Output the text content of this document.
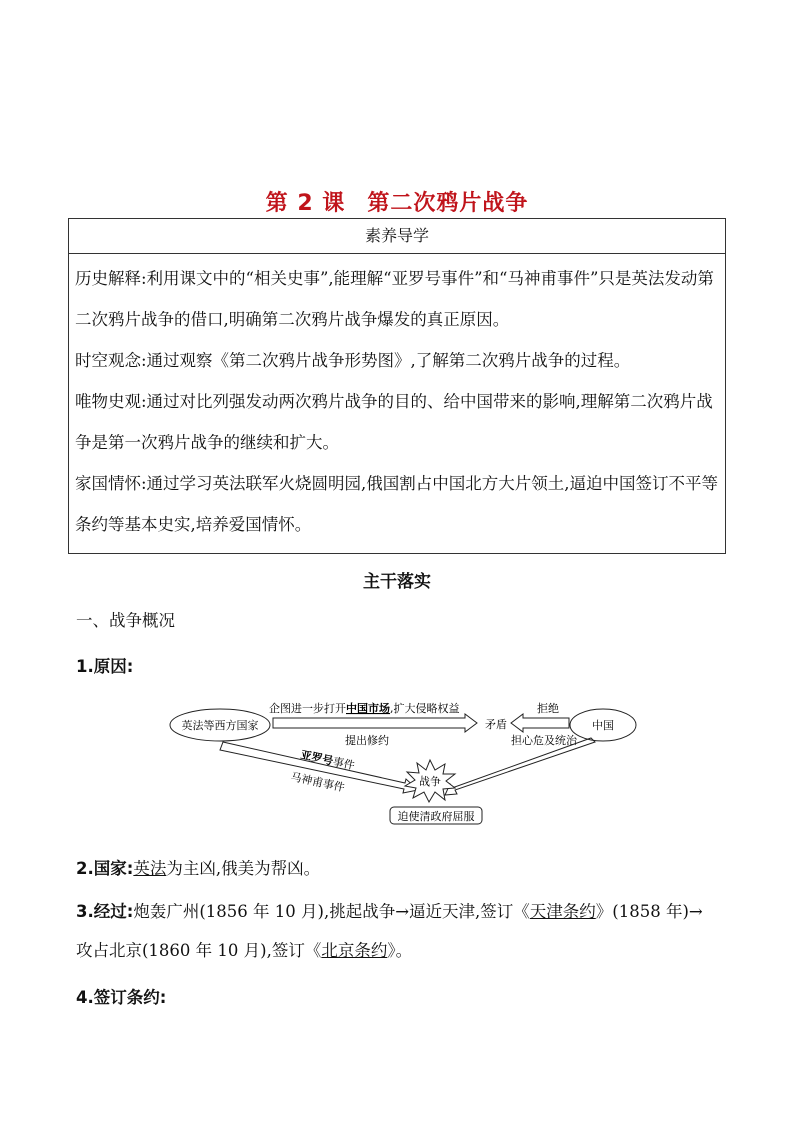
第 2 课 第二次鸦片战争
素养导学

历史解释:利用课文中的“相关史事”,能理解“亚罗号事件”和“马神甫事件”只是英法发动第二次鸦片战争的借口,明确第二次鸦片战争爆发的真正原因。

时空观念:通过观察《第二次鸦片战争形势图》,了解第二次鸦片战争的过程。

唯物史观:通过对比列强发动两次鸦片战争的目的、给中国带来的影响,理解第二次鸦片战争是第一次鸦片战争的继续和扩大。

家国情怀:通过学习英法联军火烧圆明园,俄国割占中国北方大片领土,逼迫中国签订不平等条约等基本史实,培养爱国情怀。

主干落实
一、战争概况
1.原因:
英法等西方国家	中国
企图进一步打开中国市场,扩大侵略权益
提出修约
矛盾
拒绝
担心危及统治
亚罗号事件
马神甫事件	战争
迫使清政府屈服
2.国家:英法为主凶,俄美为帮凶。
3.经过:炮轰广州(1856 年 10 月),挑起战争→逼近天津,签订《天津条约》(1858 年)→
攻占北京(1860 年 10 月),签订《北京条约》。
4.签订条约:
